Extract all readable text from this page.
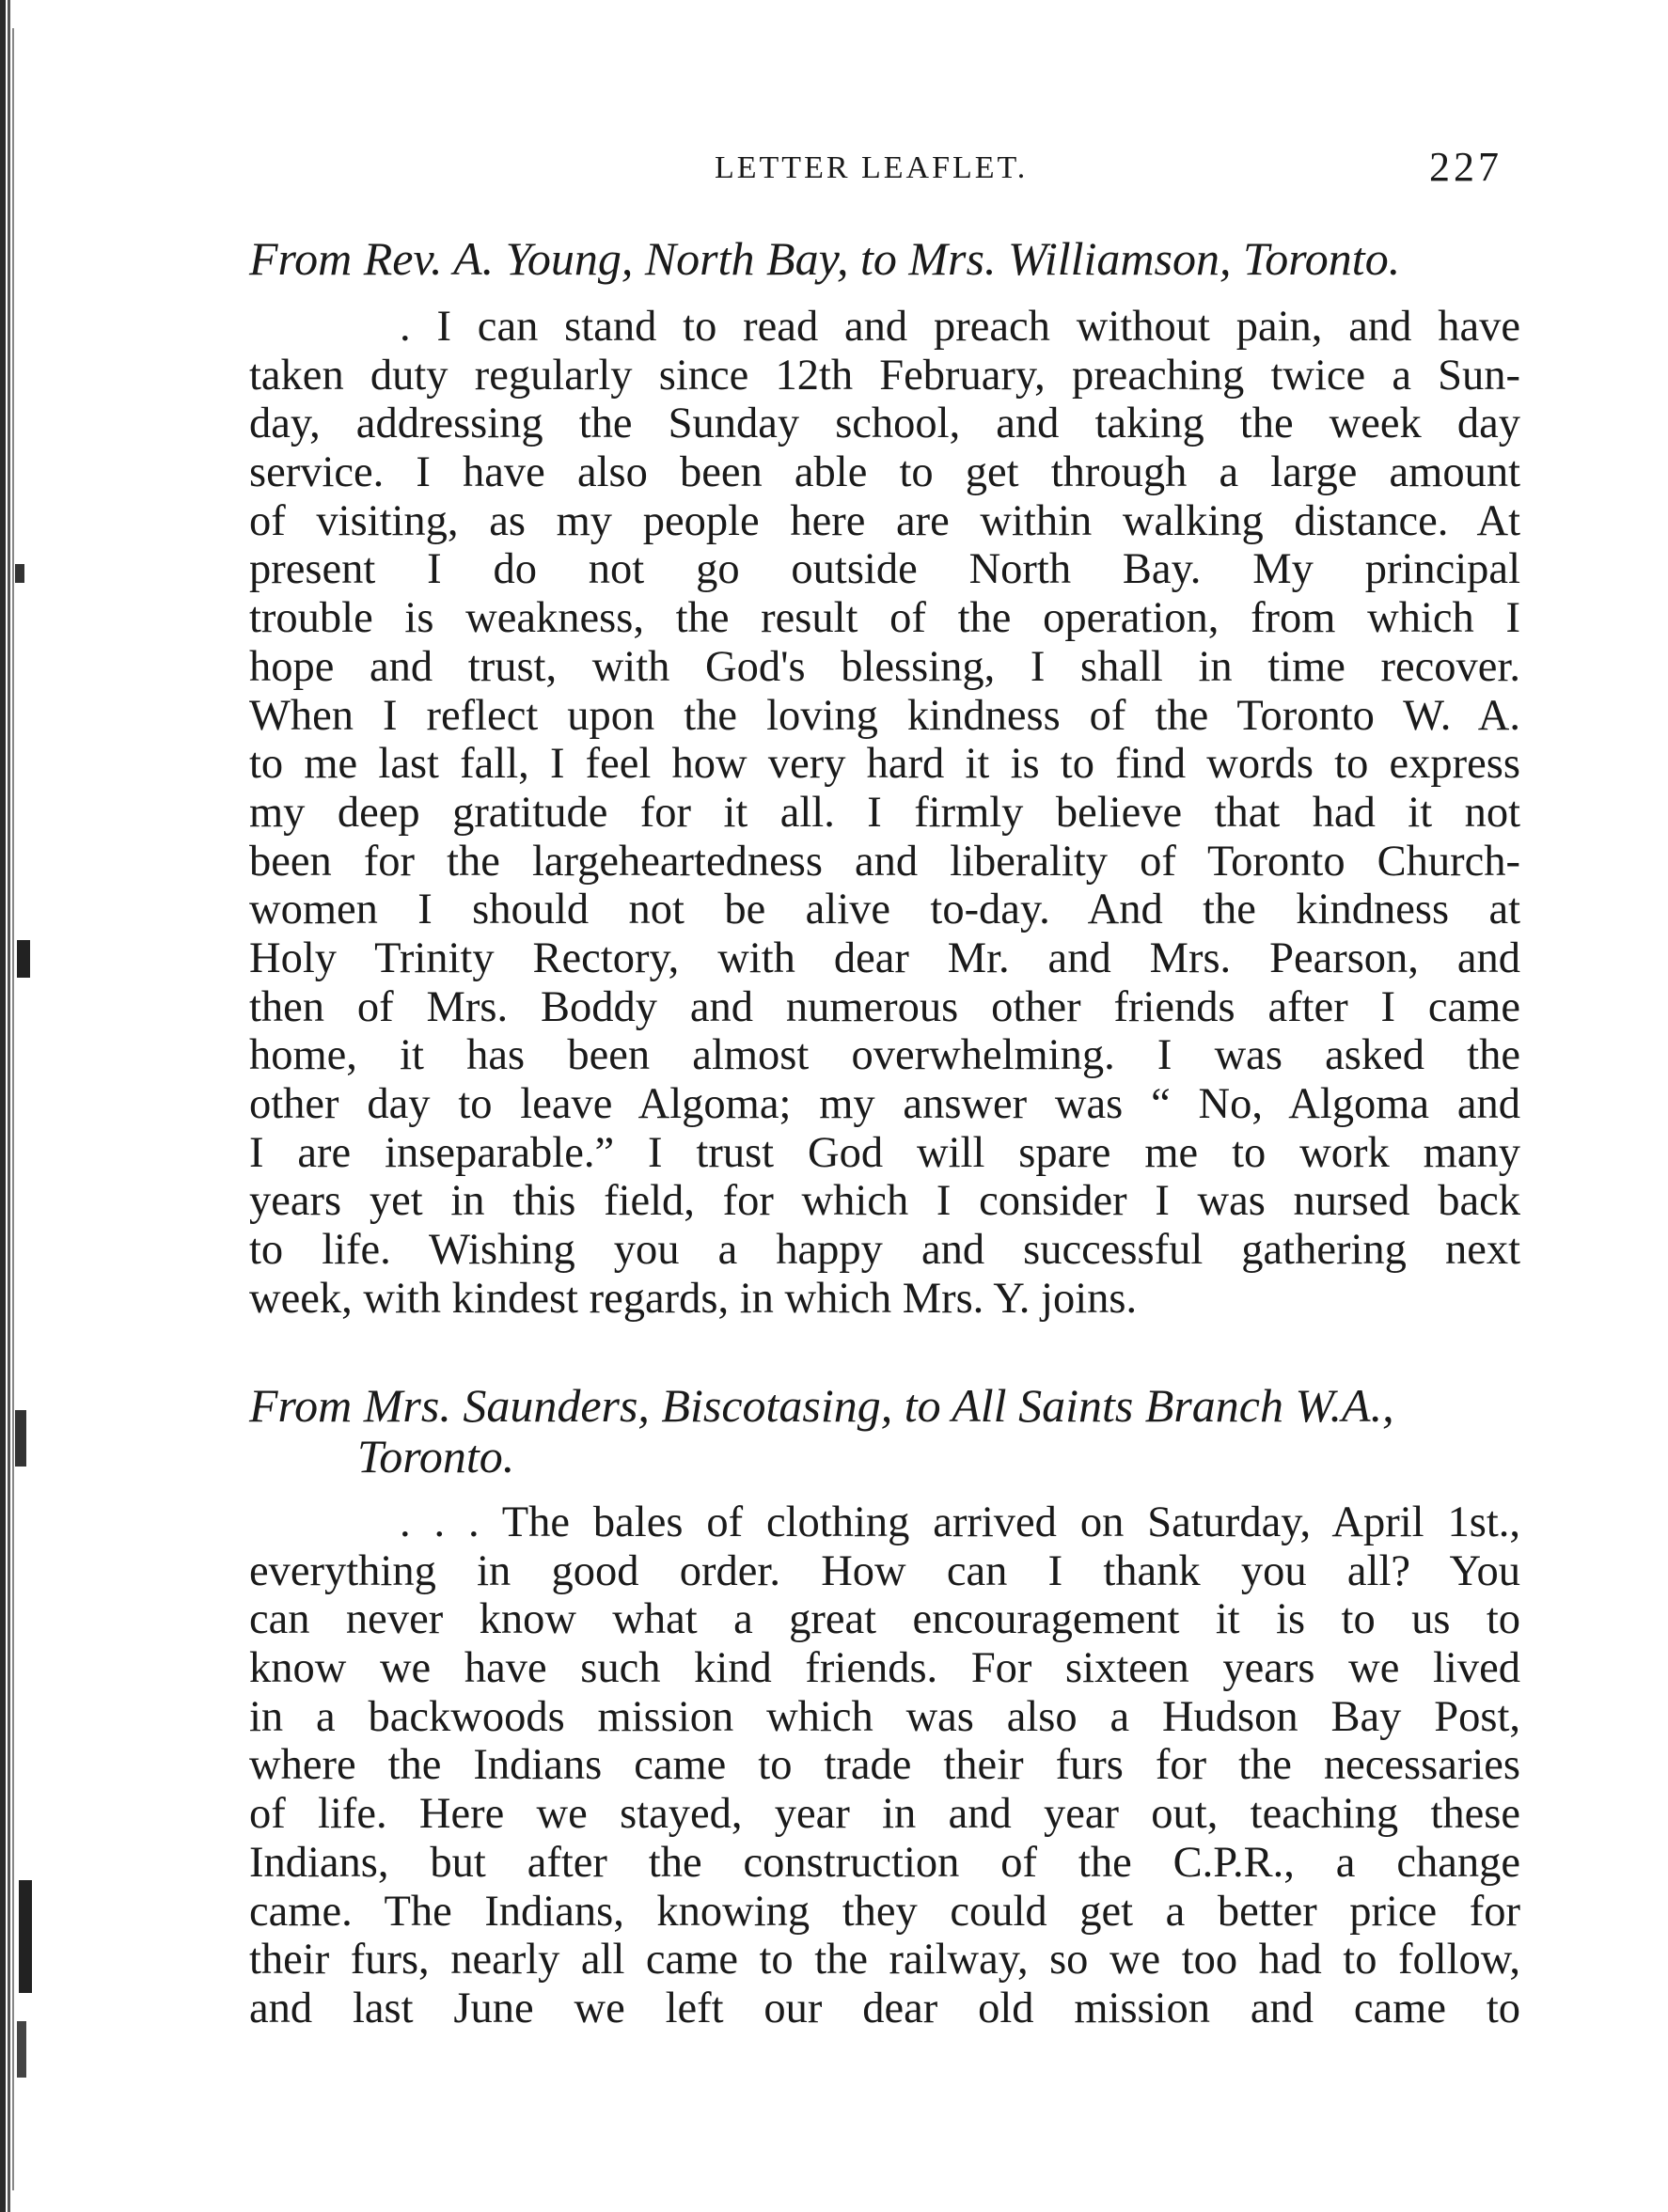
LETTER LEAFLET.	227
From Rev. A. Young, North Bay, to Mrs. Williamson, Toronto.
. I can stand to read and preach without pain, and have
taken duty regularly since 12th February, preaching twice a Sun-
day, addressing the Sunday school, and taking the week day
service. I have also been able to get through a large amount
of visiting, as my people here are within walking distance. At
present I do not go outside North Bay. My principal
trouble is weakness, the result of the operation, from which I
hope and trust, with God's blessing, I shall in time recover.
When I reflect upon the loving kindness of the Toronto W. A.
to me last fall, I feel how very hard it is to find words to express
my deep gratitude for it all. I firmly believe that had it not
been for the largeheartedness and liberality of Toronto Church-
women I should not be alive to-day. And the kindness at
Holy Trinity Rectory, with dear Mr. and Mrs. Pearson, and
then of Mrs. Boddy and numerous other friends after I came
home, it has been almost overwhelming. I was asked the
other day to leave Algoma; my answer was “ No, Algoma and
I are inseparable.” I trust God will spare me to work many
years yet in this field, for which I consider I was nursed back
to life. Wishing you a happy and successful gathering next
week, with kindest regards, in which Mrs. Y. joins.
From Mrs. Saunders, Biscotasing, to All Saints Branch W.A.,
Toronto.
. . . The bales of clothing arrived on Saturday, April 1st.,
everything in good order. How can I thank you all? You
can never know what a great encouragement it is to us to
know we have such kind friends. For sixteen years we lived
in a backwoods mission which was also a Hudson Bay Post,
where the Indians came to trade their furs for the necessaries
of life. Here we stayed, year in and year out, teaching these
Indians, but after the construction of the C.P.R., a change
came. The Indians, knowing they could get a better price for
their furs, nearly all came to the railway, so we too had to follow,
and last June we left our dear old mission and came to
